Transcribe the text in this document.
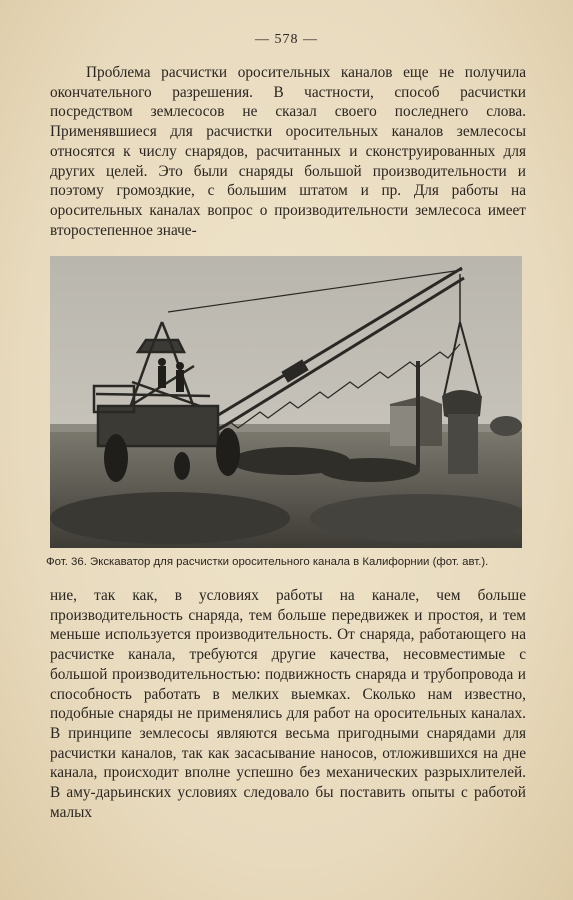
— 578 —

Проблема расчистки оросительных каналов еще не получила окончательного разрешения. В частности, способ расчистки посредством землесосов не сказал своего последнего слова. Применявшиеся для расчистки оросительных каналов землесосы относятся к числу снарядов, расчитанных и сконструированных для других целей. Это были снаряды большой производительности и поэтому громоздкие, с большим штатом и пр. Для работы на оросительных каналах вопрос о производительности землесоса имеет второстепенное значе-

Фот. 36. Экскаватор для расчистки оросительного канала в Калифорнии (фот. авт.).

ние, так как, в условиях работы на канале, чем больше производительность снаряда, тем больше передвижек и простоя, и тем меньше используется производительность. От снаряда, работающего на расчистке канала, требуются другие качества, несовместимые с большой производительностью: подвижность снаряда и трубопровода и способность работать в мелких выемках. Сколько нам известно, подобные снаряды не применялись для работ на оросительных каналах. В принципе землесосы являются весьма пригодными снарядами для расчистки каналов, так как засасывание наносов, отложившихся на дне канала, происходит вполне успешно без механических разрыхлителей. В аму-дарьинских условиях следовало бы поставить опыты с работой малых
